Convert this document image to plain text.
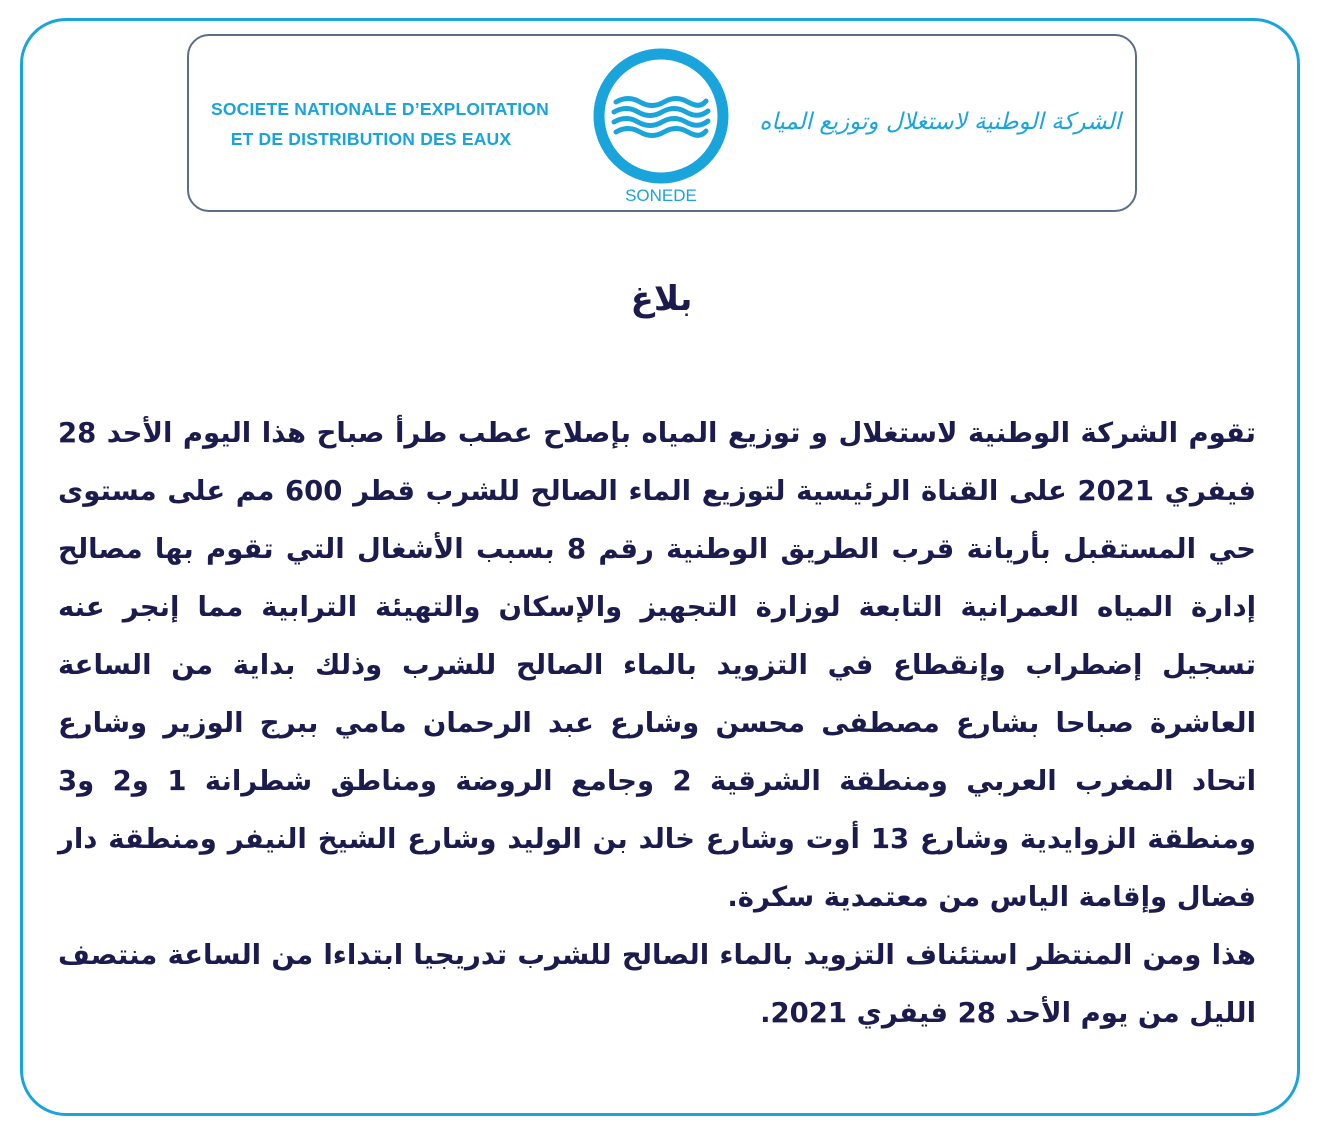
SOCIETE NATIONALE D’EXPLOITATION
ET DE DISTRIBUTION DES EAUX
SONEDE
الشركة الوطنية لاستغلال وتوزيع المياه
بلاغ

تقوم الشركة الوطنية لاستغلال و توزيع المياه بإصلاح عطب طرأ صباح هذا اليوم الأحد 28 فيفري 2021 على القناة الرئيسية لتوزيع الماء الصالح للشرب قطر 600 مم على مستوى حي المستقبل بأريانة قرب الطريق الوطنية رقم 8 بسبب الأشغال التي تقوم بها مصالح إدارة المياه العمرانية التابعة لوزارة التجهيز والإسكان والتهيئة الترابية مما إنجر عنه تسجيل إضطراب وإنقطاع في التزويد بالماء الصالح للشرب وذلك بداية من الساعة العاشرة صباحا بشارع مصطفى محسن وشارع عبد الرحمان مامي ببرج الوزير وشارع اتحاد المغرب العربي ومنطقة الشرقية 2 وجامع الروضة ومناطق شطرانة 1 و2 و3 ومنطقة الزوايدية وشارع 13 أوت وشارع خالد بن الوليد وشارع الشيخ النيفر ومنطقة دار فضال وإقامة الياس من معتمدية سكرة.

هذا ومن المنتظر استئناف التزويد بالماء الصالح للشرب تدريجيا ابتداءا من الساعة منتصف الليل من يوم الأحد 28 فيفري 2021.
